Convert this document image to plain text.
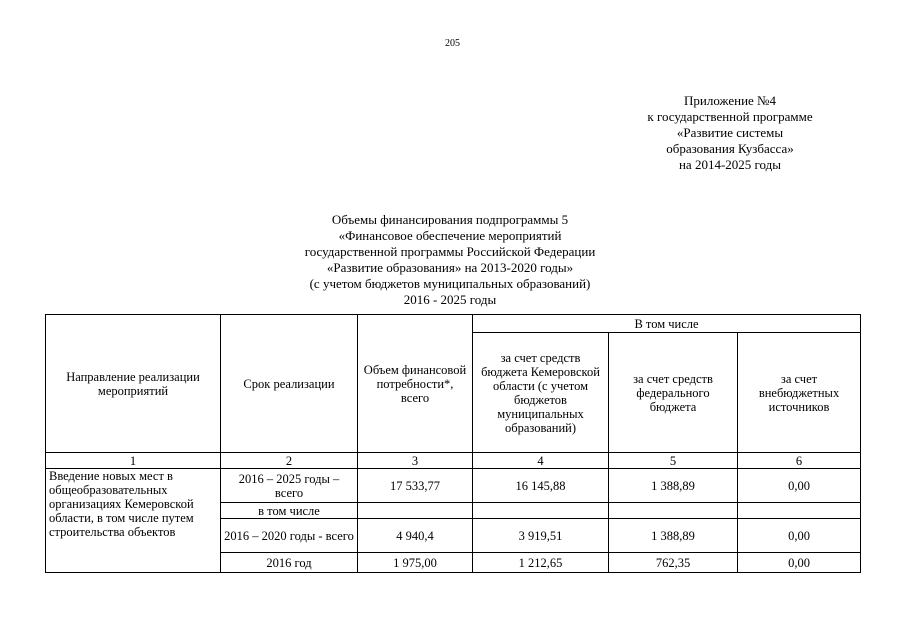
205
Приложение №4
к государственной программе
«Развитие системы
образования Кузбасса»
на 2014-2025 годы
Объемы финансирования подпрограммы 5
«Финансовое обеспечение мероприятий
государственной программы Российской Федерации
«Развитие образования» на 2013-2020 годы»
(с учетом бюджетов муниципальных образований)
2016 - 2025 годы
Направление реализации мероприятий	Срок реализации	Объем финансовой потребности*, всего	В том числе		
			за счет средств бюджета Кемеровской области (с учетом бюджетов муниципальных образований)	за счет средств федерального бюджета	за счет внебюджетных источников
1	2	3	4	5	6
Введение новых мест в общеобразовательных организациях Кемеровской области, в том числе путем строительства объектов	2016 – 2025 годы – всего	17 533,77	16 145,88	1 388,89	0,00
	в том числе				
	2016 – 2020 годы - всего	4 940,4	3 919,51	1 388,89	0,00
	2016 год	1 975,00	1 212,65	762,35	0,00
